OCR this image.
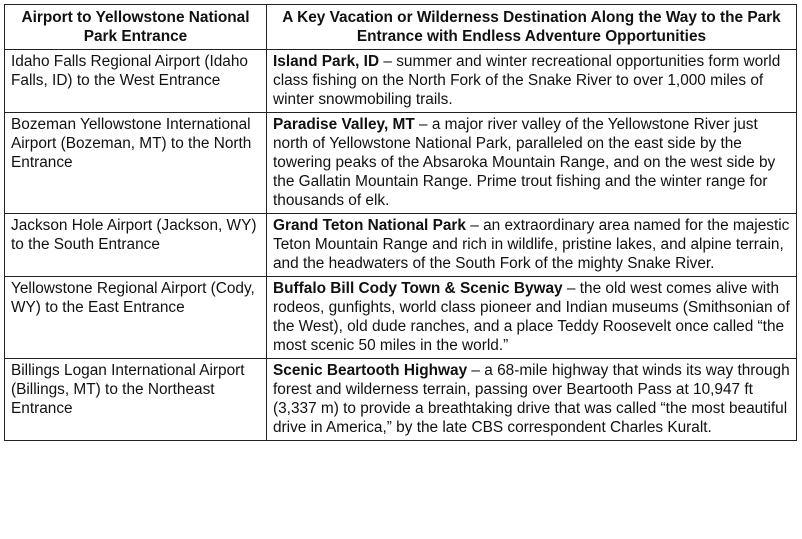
Airport to Yellowstone National Park Entrance	A Key Vacation or Wilderness Destination Along the Way to the Park Entrance with Endless Adventure Opportunities
Idaho Falls Regional Airport (Idaho Falls, ID) to the West Entrance	Island Park, ID – summer and winter recreational opportunities form world class fishing on the North Fork of the Snake River to over 1,000 miles of winter snowmobiling trails.
Bozeman Yellowstone International Airport (Bozeman, MT) to the North Entrance	Paradise Valley, MT – a major river valley of the Yellowstone River just north of Yellowstone National Park, paralleled on the east side by the towering peaks of the Absaroka Mountain Range, and on the west side by the Gallatin Mountain Range. Prime trout fishing and the winter range for thousands of elk.
Jackson Hole Airport (Jackson, WY) to the South Entrance	Grand Teton National Park – an extraordinary area named for the majestic Teton Mountain Range and rich in wildlife, pristine lakes, and alpine terrain, and the headwaters of the South Fork of the mighty Snake River.
Yellowstone Regional Airport (Cody, WY) to the East Entrance	Buffalo Bill Cody Town & Scenic Byway – the old west comes alive with rodeos, gunfights, world class pioneer and Indian museums (Smithsonian of the West), old dude ranches, and a place Teddy Roosevelt once called “the most scenic 50 miles in the world.”
Billings Logan International Airport (Billings, MT) to the Northeast Entrance	Scenic Beartooth Highway – a 68-mile highway that winds its way through forest and wilderness terrain, passing over Beartooth Pass at 10,947 ft (3,337 m) to provide a breathtaking drive that was called “the most beautiful drive in America,” by the late CBS correspondent Charles Kuralt.
